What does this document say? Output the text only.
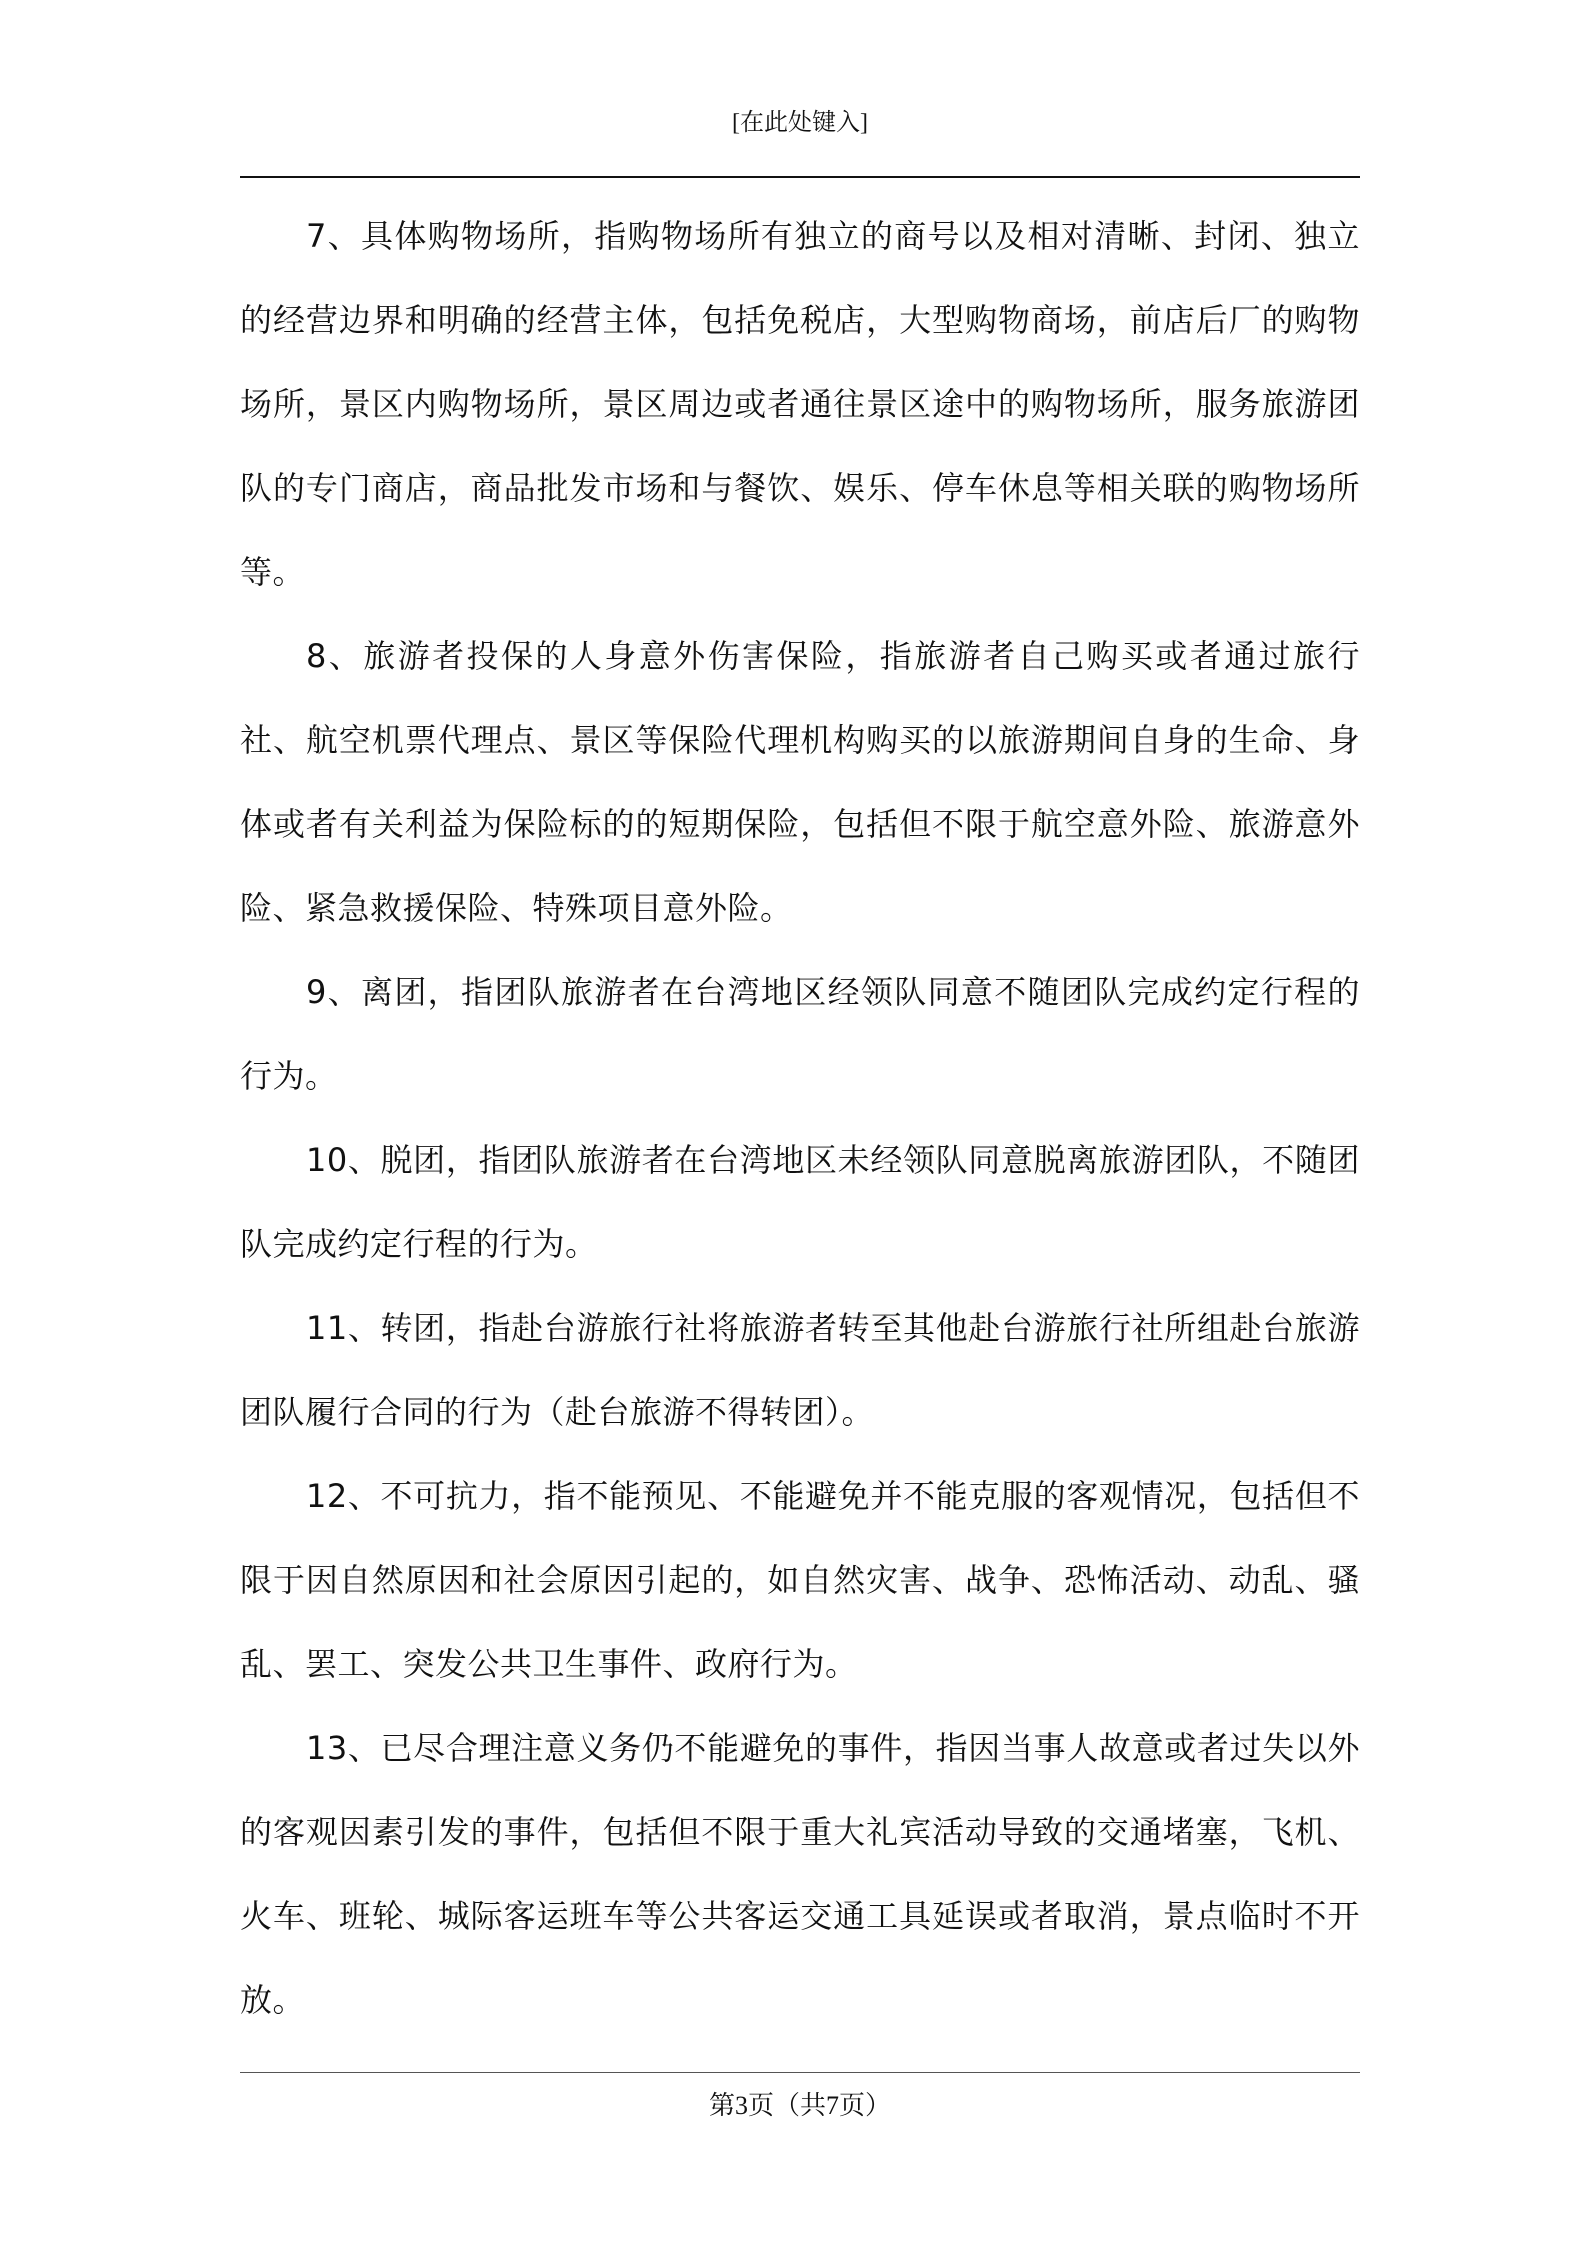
[在此处键入]

7、具体购物场所，指购物场所有独立的商号以及相对清晰、封闭、独立的经营边界和明确的经营主体，包括免税店，大型购物商场，前店后厂的购物场所，景区内购物场所，景区周边或者通往景区途中的购物场所，服务旅游团队的专门商店，商品批发市场和与餐饮、娱乐、停车休息等相关联的购物场所等。

8、旅游者投保的人身意外伤害保险，指旅游者自己购买或者通过旅行社、航空机票代理点、景区等保险代理机构购买的以旅游期间自身的生命、身体或者有关利益为保险标的的短期保险，包括但不限于航空意外险、旅游意外险、紧急救援保险、特殊项目意外险。

9、离团，指团队旅游者在台湾地区经领队同意不随团队完成约定行程的行为。

10、脱团，指团队旅游者在台湾地区未经领队同意脱离旅游团队，不随团队完成约定行程的行为。

11、转团，指赴台游旅行社将旅游者转至其他赴台游旅行社所组赴台旅游团队履行合同的行为（赴台旅游不得转团）。

12、不可抗力，指不能预见、不能避免并不能克服的客观情况，包括但不限于因自然原因和社会原因引起的，如自然灾害、战争、恐怖活动、动乱、骚乱、罢工、突发公共卫生事件、政府行为。

13、已尽合理注意义务仍不能避免的事件，指因当事人故意或者过失以外的客观因素引发的事件，包括但不限于重大礼宾活动导致的交通堵塞，飞机、火车、班轮、城际客运班车等公共客运交通工具延误或者取消，景点临时不开放。

第3页（共7页）
